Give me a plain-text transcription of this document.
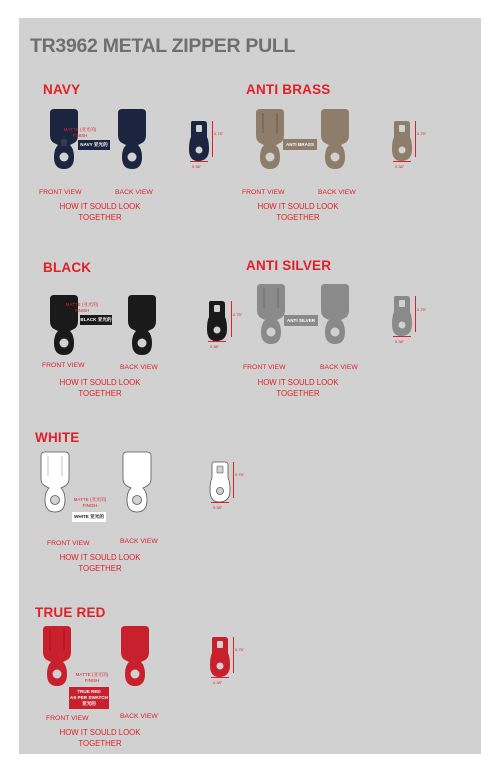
TR3962 METAL ZIPPER PULL
NAVY
MATTE (亚光的)
FINISH
NAVY 亚光的
0.75"
0.38"
FRONT VIEW	BACK VIEW
HOW IT SOULD LOOK
TOGETHER
ANTI BRASS
ANTI BRASS
0.75"
0.38"
FRONT VIEW	BACK VIEW
HOW IT SOULD LOOK
TOGETHER
BLACK
MATTE (亚光的)
FINISH
BLACK 亚光的
FRONT VIEW	BACK VIEW
HOW IT SOULD LOOK
TOGETHER
ANTI SILVER
0.75"
0.38"
ANTI SILVER
0.75"
0.38"
FRONT VIEW	BACK VIEW
HOW IT SOULD LOOK
TOGETHER
WHITE
MATTE (亚光的)
FINISH
WHITE 亚光的
0.75"
0.38"
FRONT VIEW	BACK VIEW
HOW IT SOULD LOOK
TOGETHER
TRUE RED
MATTE (亚光的)
FINISH
TRUE RED
AS PER SWATCH
亚光的
0.75"
0.38"
FRONT VIEW	BACK VIEW
HOW IT SOULD LOOK
TOGETHER
